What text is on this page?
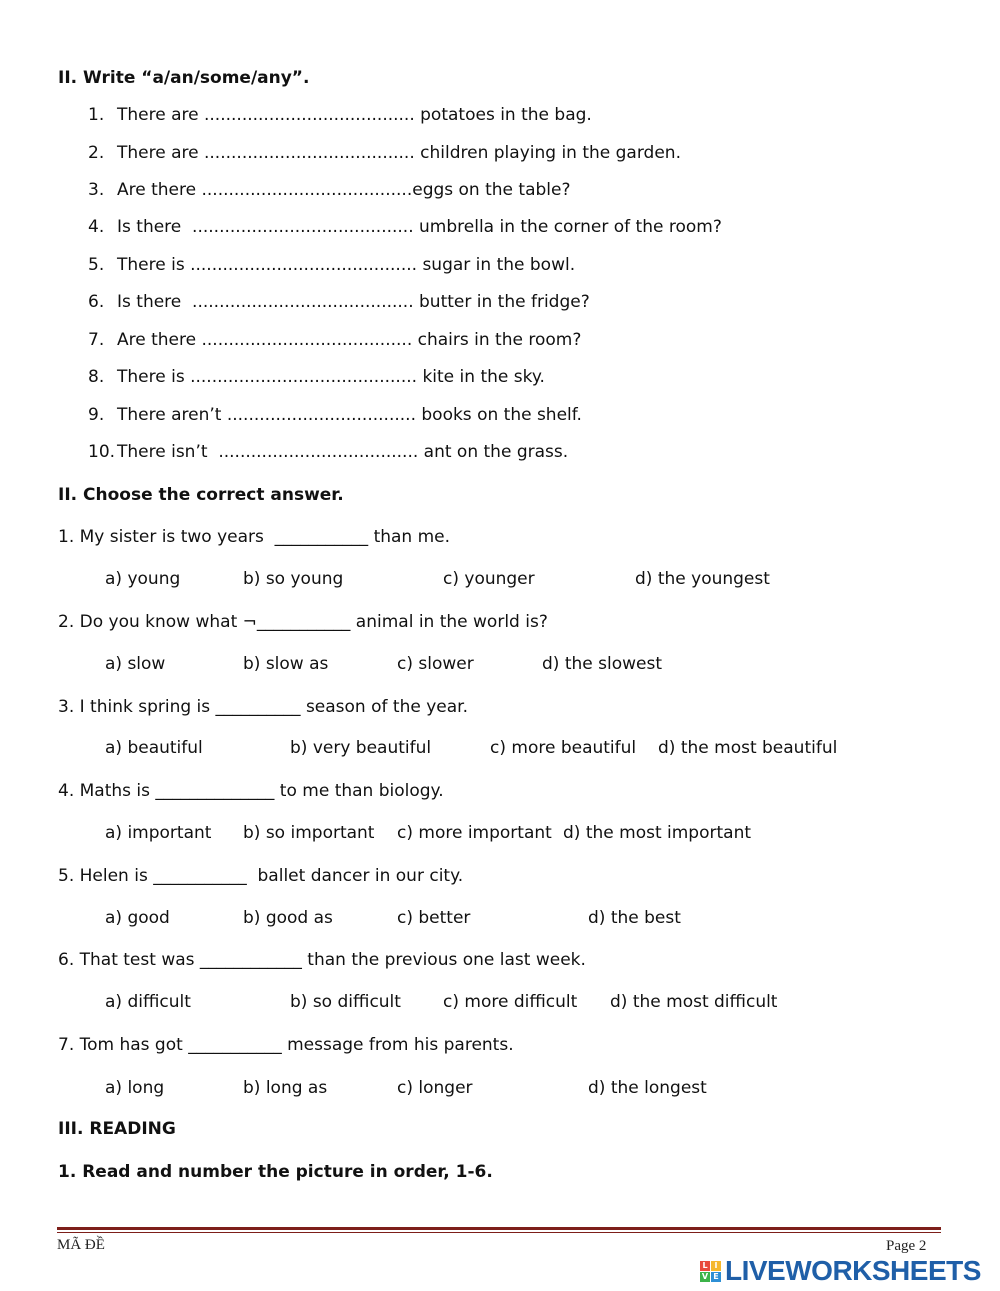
II. Write “a/an/some/any”.
1. There are ....................................... potatoes in the bag.
2. There are ....................................... children playing in the garden.
3. Are there .......................................eggs on the table?
4. Is there  ......................................... umbrella in the corner of the room?
5. There is .......................................... sugar in the bowl.
6. Is there  ......................................... butter in the fridge?
7. Are there ....................................... chairs in the room?
8. There is .......................................... kite in the sky.
9. There aren’t ................................... books on the shelf.
10. There isn’t  ..................................... ant on the grass.
II. Choose the correct answer.
1. My sister is two years  ___________ than me.
a) young	b) so young	c) younger	d) the youngest
2. Do you know what ¬___________ animal in the world is?
a) slow	b) slow as	c) slower	d) the slowest
3. I think spring is __________ season of the year.
a) beautiful	b) very beautiful	c) more beautiful d) the most beautiful
4. Maths is ______________ to me than biology.
a) important b) so important c) more important d) the most important
5. Helen is ___________  ballet dancer in our city.
a) good	b) good as	c) better	d) the best
6. That test was ____________ than the previous one last week.
a) difficult	b) so difficult c) more difficult d) the most difficult
7. Tom has got ___________ message from his parents.
a) long	b) long as	c) longer	d) the longest
III. READING
1. Read and number the picture in order, 1-6.
MÃ ĐỀ	Page 2
L I
V E LIVEWORKSHEETS
